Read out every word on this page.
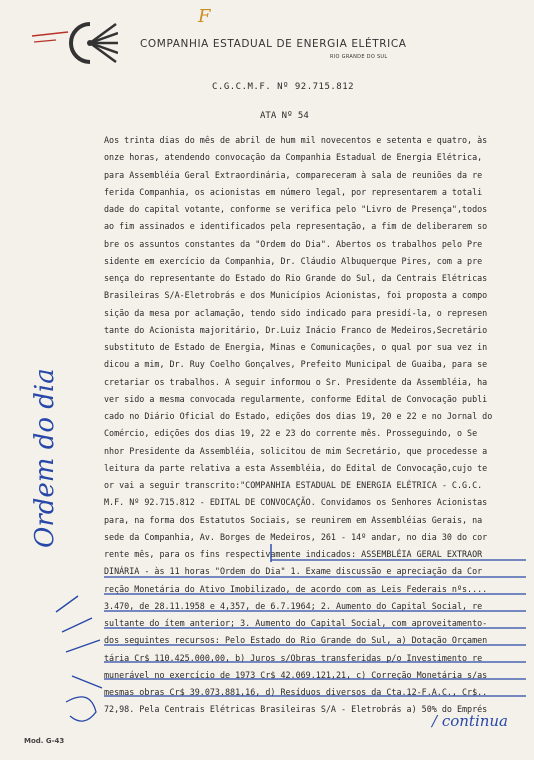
COMPANHIA ESTADUAL DE ENERGIA ELÉTRICA
RIO GRANDE DO SUL
C.G.C.M.F. Nº 92.715.812
ATA Nº 54
Aos trinta dias do mês de abril de hum mil novecentos e setenta e quatro, às
onze horas, atendendo convocação da Companhia Estadual de Energia Elétrica,
para Assembléia Geral Extraordinária, compareceram à sala de reuniões da re
ferida Companhia, os acionistas em número legal, por representarem a totali
dade do capital votante, conforme se verifica pelo "Livro de Presença",todos
ao fim assinados e identificados pela representação, a fim de deliberarem so
bre os assuntos constantes da "Ordem do Dia". Abertos os trabalhos pelo Pre
sidente em exercício da Companhia, Dr. Cláudio Albuquerque Pires, com a pre
sença do representante do Estado do Rio Grande do Sul, da Centrais Elétricas
Brasileiras S/A-Eletrobrás e dos Municípios Acionistas, foi proposta a compo
sição da mesa por aclamação, tendo sido indicado para presidí-la, o represen
tante do Acionista majoritário, Dr.Luiz Inácio Franco de Medeiros,Secretário
substituto de Estado de Energia, Minas e Comunicações, o qual por sua vez in
dicou a mim, Dr. Ruy Coelho Gonçalves, Prefeito Municipal de Guaiba, para se
cretariar os trabalhos. A seguir informou o Sr. Presidente da Assembléia, ha
ver sido a mesma convocada regularmente, conforme Edital de Convocação publi
cado no Diário Oficial do Estado, edições dos dias 19, 20 e 22 e no Jornal do
Comércio, edições dos dias 19, 22 e 23 do corrente mês. Prosseguindo, o Se
nhor Presidente da Assembléia, solicitou de mim Secretário, que procedesse a
leitura da parte relativa a esta Assembléia, do Edital de Convocação,cujo te
or vai a seguir transcrito:"COMPANHIA ESTADUAL DE ENERGIA ELÉTRICA - C.G.C.
M.F. Nº 92.715.812 - EDITAL DE CONVOCAÇÃO. Convidamos os Senhores Acionistas
para, na forma dos Estatutos Sociais, se reunirem em Assembléias Gerais, na
sede da Companhia, Av. Borges de Medeiros, 261 - 14º andar, no dia 30 do cor
rente mês, para os fins respectivamente indicados: ASSEMBLÉIA GERAL EXTRAOR
DINÁRIA - às 11 horas "Ordem do Dia" 1. Exame discussão e apreciação da Cor
reção Monetária do Ativo Imobilizado, de acordo com as Leis Federais nºs....
3.470, de 28.11.1958 e 4,357, de 6.7.1964; 2. Aumento do Capital Social, re
sultante do ítem anterior; 3. Aumento do Capital Social, com aproveitamento-
dos seguintes recursos: Pelo Estado do Rio Grande do Sul, a) Dotação Orçamen
tária Cr$ 110.425.000,00, b) Juros s/Obras transferidas p/o Investimento re
munerável no exercício de 1973 Cr$ 42.069.121,21, c) Correção Monetária s/as
mesmas obras Cr$ 39.073.881,16, d) Resíduos diversos da Cta.12-F.A.C., Cr$..
72,98. Pela Centrais Elétricas Brasileiras S/A - Eletrobrás a) 50% do Emprés
F
Ordem do dia
/ continua
Mod. G-43
